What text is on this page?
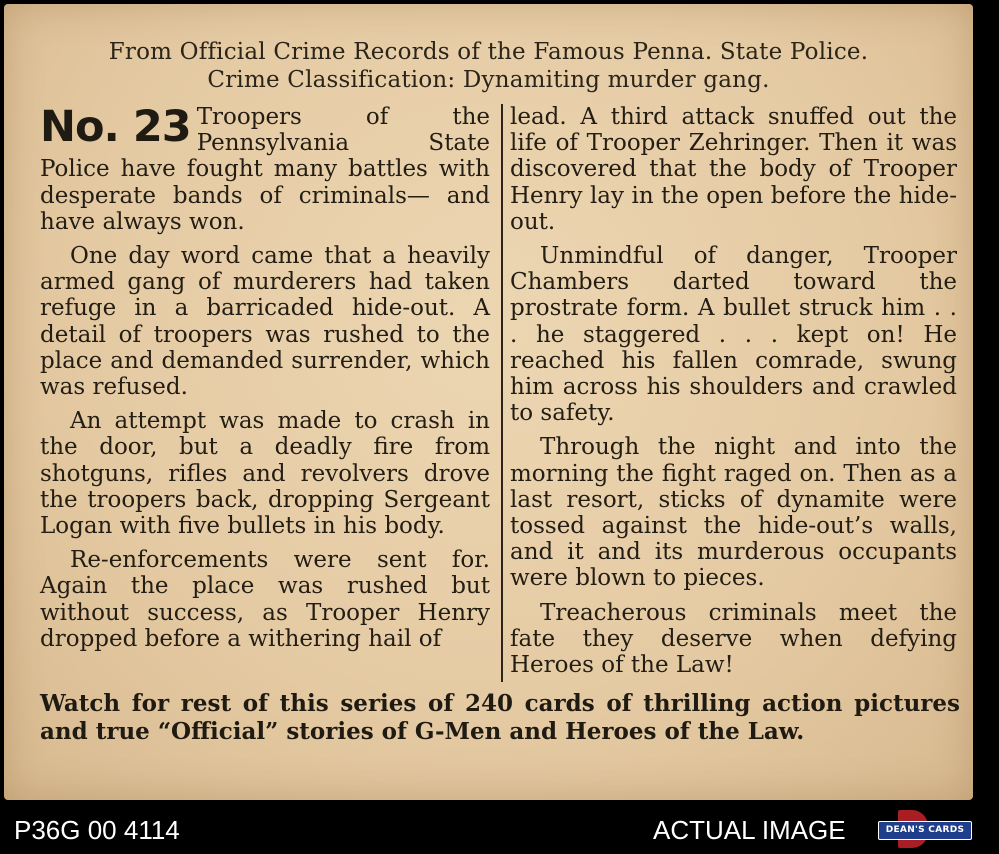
From Official Crime Records of the Famous Penna. State Police.
Crime Classification: Dynamiting murder gang.

No. 23 Troopers of the Pennsylvania State Police have fought many battles with desperate bands of criminals— and have always won.

One day word came that a heavily armed gang of murderers had taken refuge in a barricaded hide-out. A detail of troopers was rushed to the place and demanded surrender, which was refused.

An attempt was made to crash in the door, but a deadly fire from shotguns, rifles and revolvers drove the troopers back, dropping Sergeant Logan with five bullets in his body.

Re-enforcements were sent for. Again the place was rushed but without success, as Trooper Henry dropped before a withering hail of

lead. A third attack snuffed out the life of Trooper Zehringer. Then it was discovered that the body of Trooper Henry lay in the open before the hide-out.

Unmindful of danger, Trooper Chambers darted toward the prostrate form. A bullet struck him . . . he staggered . . . kept on! He reached his fallen comrade, swung him across his shoulders and crawled to safety.

Through the night and into the morning the fight raged on. Then as a last resort, sticks of dynamite were tossed against the hide-out’s walls, and it and its murderous occupants were blown to pieces.

Treacherous criminals meet the fate they deserve when defying Heroes of the Law!

Watch for rest of this series of 240 cards of thrilling action pictures and true “Official” stories of G-Men and Heroes of the Law.
P36G 00 4114	ACTUAL IMAGE	DEAN'S CARDS
